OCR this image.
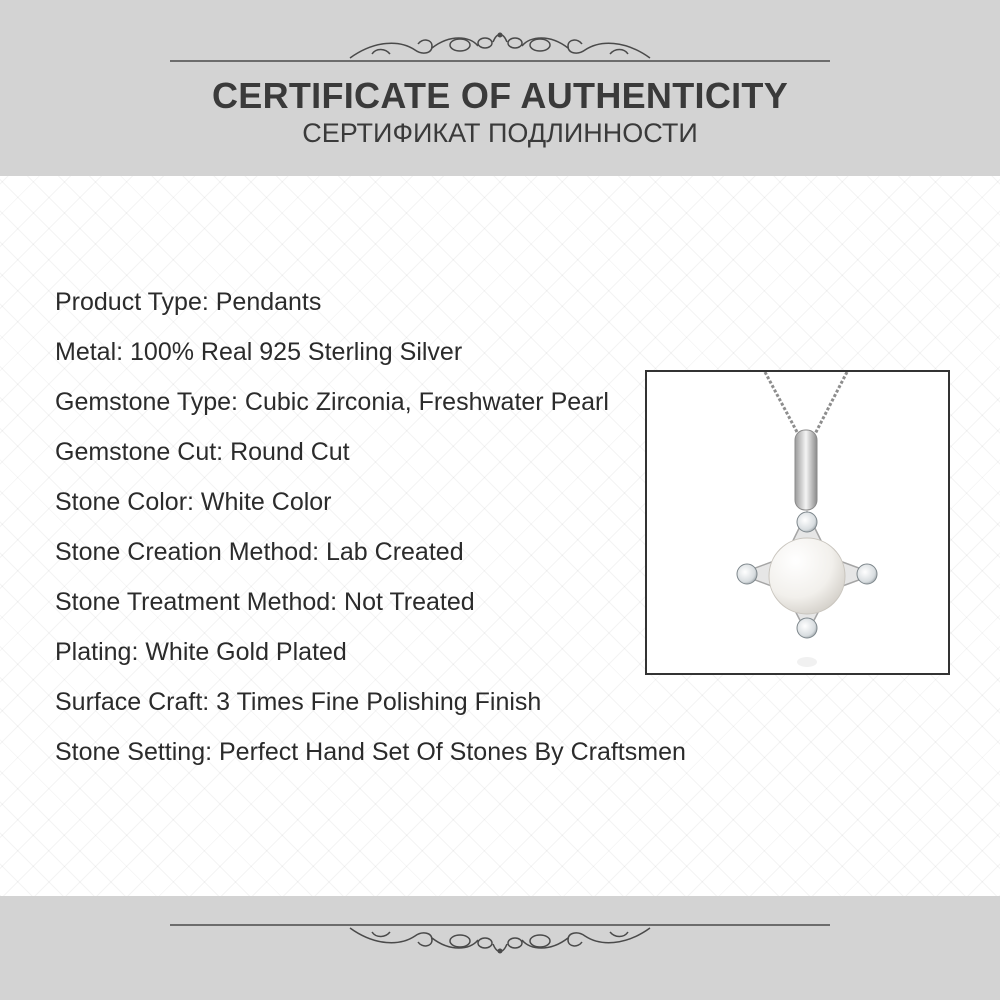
CERTIFICATE OF AUTHENTICITY
СЕРТИФИКАТ ПОДЛИННОСТИ
Product Type: Pendants
Metal: 100% Real 925 Sterling Silver
Gemstone Type: Cubic Zirconia, Freshwater Pearl
Gemstone Cut: Round Cut
Stone Color: White Color
Stone Creation Method: Lab Created
Stone Treatment Method: Not Treated
Plating: White Gold Plated
Surface Craft: 3 Times Fine Polishing Finish
Stone Setting: Perfect Hand Set Of Stones By Craftsmen
